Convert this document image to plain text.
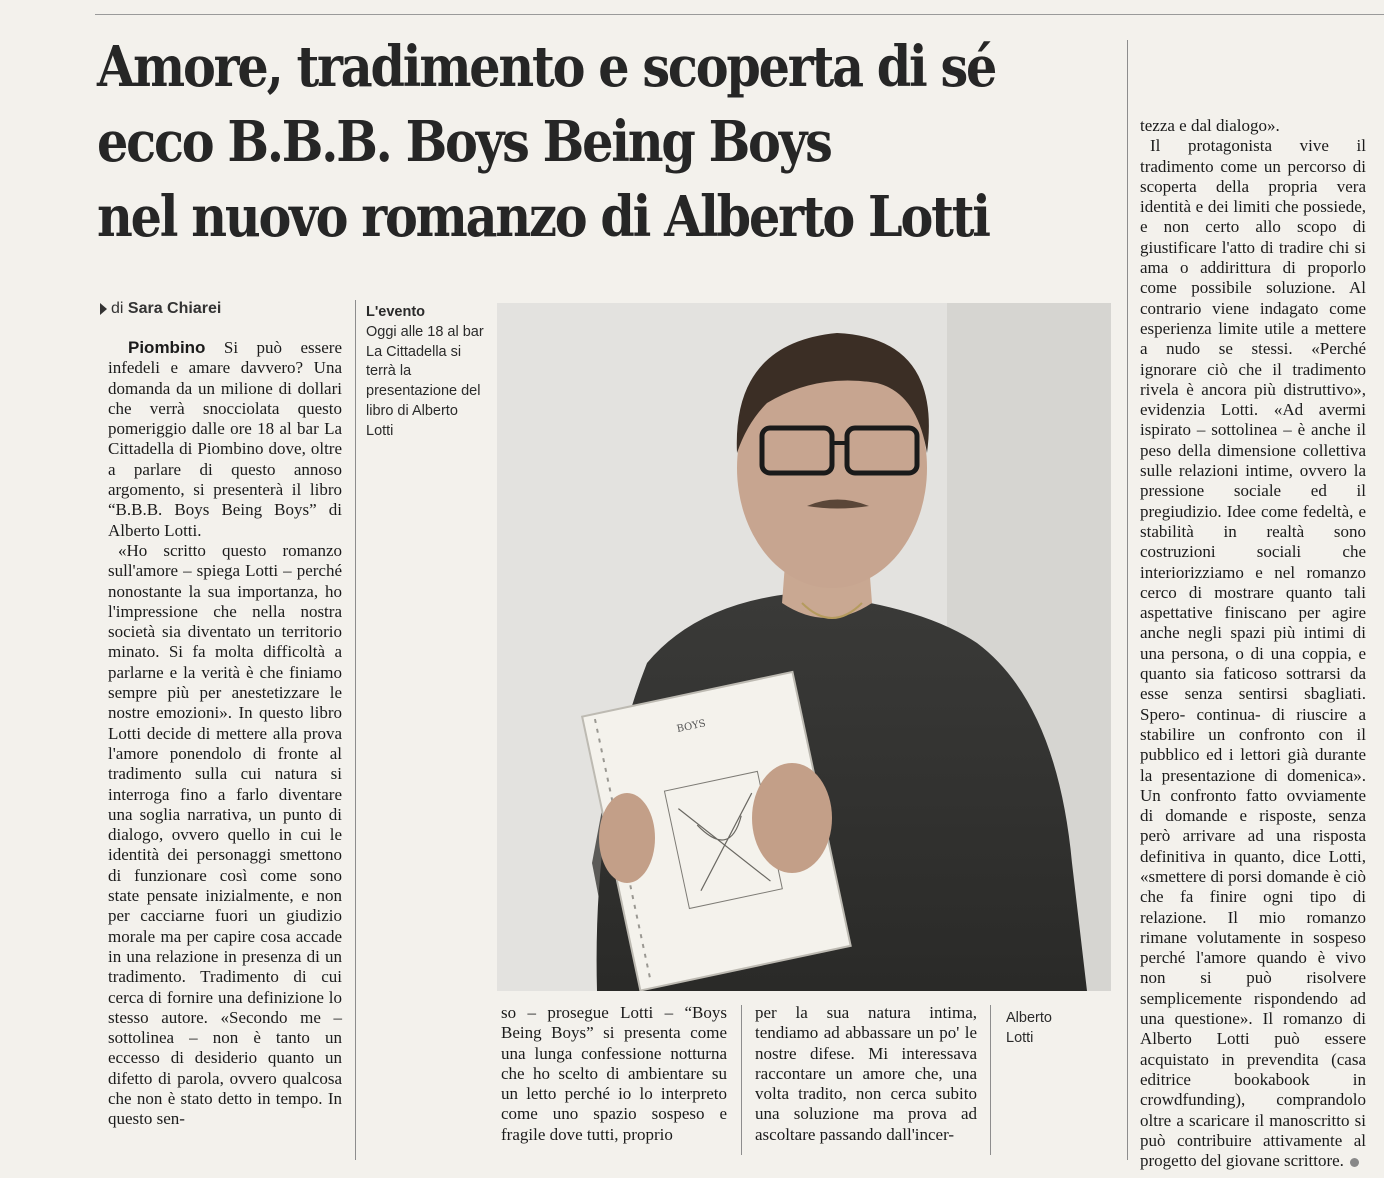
Amore, tradimento e scoperta di sé
ecco B.B.B. Boys Being Boys
nel nuovo romanzo di Alberto Lotti
di Sara Chiarei

Piombino Si può essere infedeli e amare davvero? Una domanda da un milione di dollari che verrà snocciolata questo pomeriggio dalle ore 18 al bar La Cittadella di Piombino dove, oltre a parlare di questo annoso argomento, si presenterà il libro “B.B.B. Boys Being Boys” di Alberto Lotti.

«Ho scritto questo romanzo sull'amore – spiega Lotti – perché nonostante la sua importanza, ho l'impressione che nella nostra società sia diventato un territorio minato. Si fa molta difficoltà a parlarne e la verità è che finiamo sempre più per anestetizzare le nostre emozioni». In questo libro Lotti decide di mettere alla prova l'amore ponendolo di fronte al tradimento sulla cui natura si interroga fino a farlo diventare una soglia narrativa, un punto di dialogo, ovvero quello in cui le identità dei personaggi smettono di funzionare così come sono state pensate inizialmente, e non per cacciarne fuori un giudizio morale ma per capire cosa accade in una relazione in presenza di un tradimento. Tradimento di cui cerca di fornire una definizione lo stesso autore. «Secondo me – sottolinea – non è tanto un eccesso di desiderio quanto un difetto di parola, ovvero qualcosa che non è stato detto in tempo. In questo sen-

L'evento
Oggi alle 18 al bar La Cittadella si terrà la presentazione del libro di Alberto Lotti
BOYS

so – prosegue Lotti – “Boys Being Boys” si presenta come una lunga confessione notturna che ho scelto di ambientare su un letto perché io lo interpreto come uno spazio sospeso e fragile dove tutti, proprio

per la sua natura intima, tendiamo ad abbassare un po' le nostre difese. Mi interessava raccontare un amore che, una volta tradito, non cerca subito una soluzione ma prova ad ascoltare passando dall'incer-

Alberto Lotti

tezza e dal dialogo».

Il protagonista vive il tradimento come un percorso di scoperta della propria vera identità e dei limiti che possiede, e non certo allo scopo di giustificare l'atto di tradire chi si ama o addirittura di proporlo come possibile soluzione. Al contrario viene indagato come esperienza limite utile a mettere a nudo se stessi. «Perché ignorare ciò che il tradimento rivela è ancora più distruttivo», evidenzia Lotti. «Ad avermi ispirato – sottolinea – è anche il peso della dimensione collettiva sulle relazioni intime, ovvero la pressione sociale ed il pregiudizio. Idee come fedeltà, e stabilità in realtà sono costruzioni sociali che interiorizziamo e nel romanzo cerco di mostrare quanto tali aspettative finiscano per agire anche negli spazi più intimi di una persona, o di una coppia, e quanto sia faticoso sottrarsi da esse senza sentirsi sbagliati. Spero- continua- di riuscire a stabilire un confronto con il pubblico ed i lettori già durante la presentazione di domenica». Un confronto fatto ovviamente di domande e risposte, senza però arrivare ad una risposta definitiva in quanto, dice Lotti, «smettere di porsi domande è ciò che fa finire ogni tipo di relazione. Il mio romanzo rimane volutamente in sospeso perché l'amore quando è vivo non si può risolvere semplicemente rispondendo ad una questione». Il romanzo di Alberto Lotti può essere acquistato in prevendita (casa editrice bookabook in crowdfunding), comprandolo oltre a scaricare il manoscritto si può contribuire attivamente al progetto del giovane scrittore.
